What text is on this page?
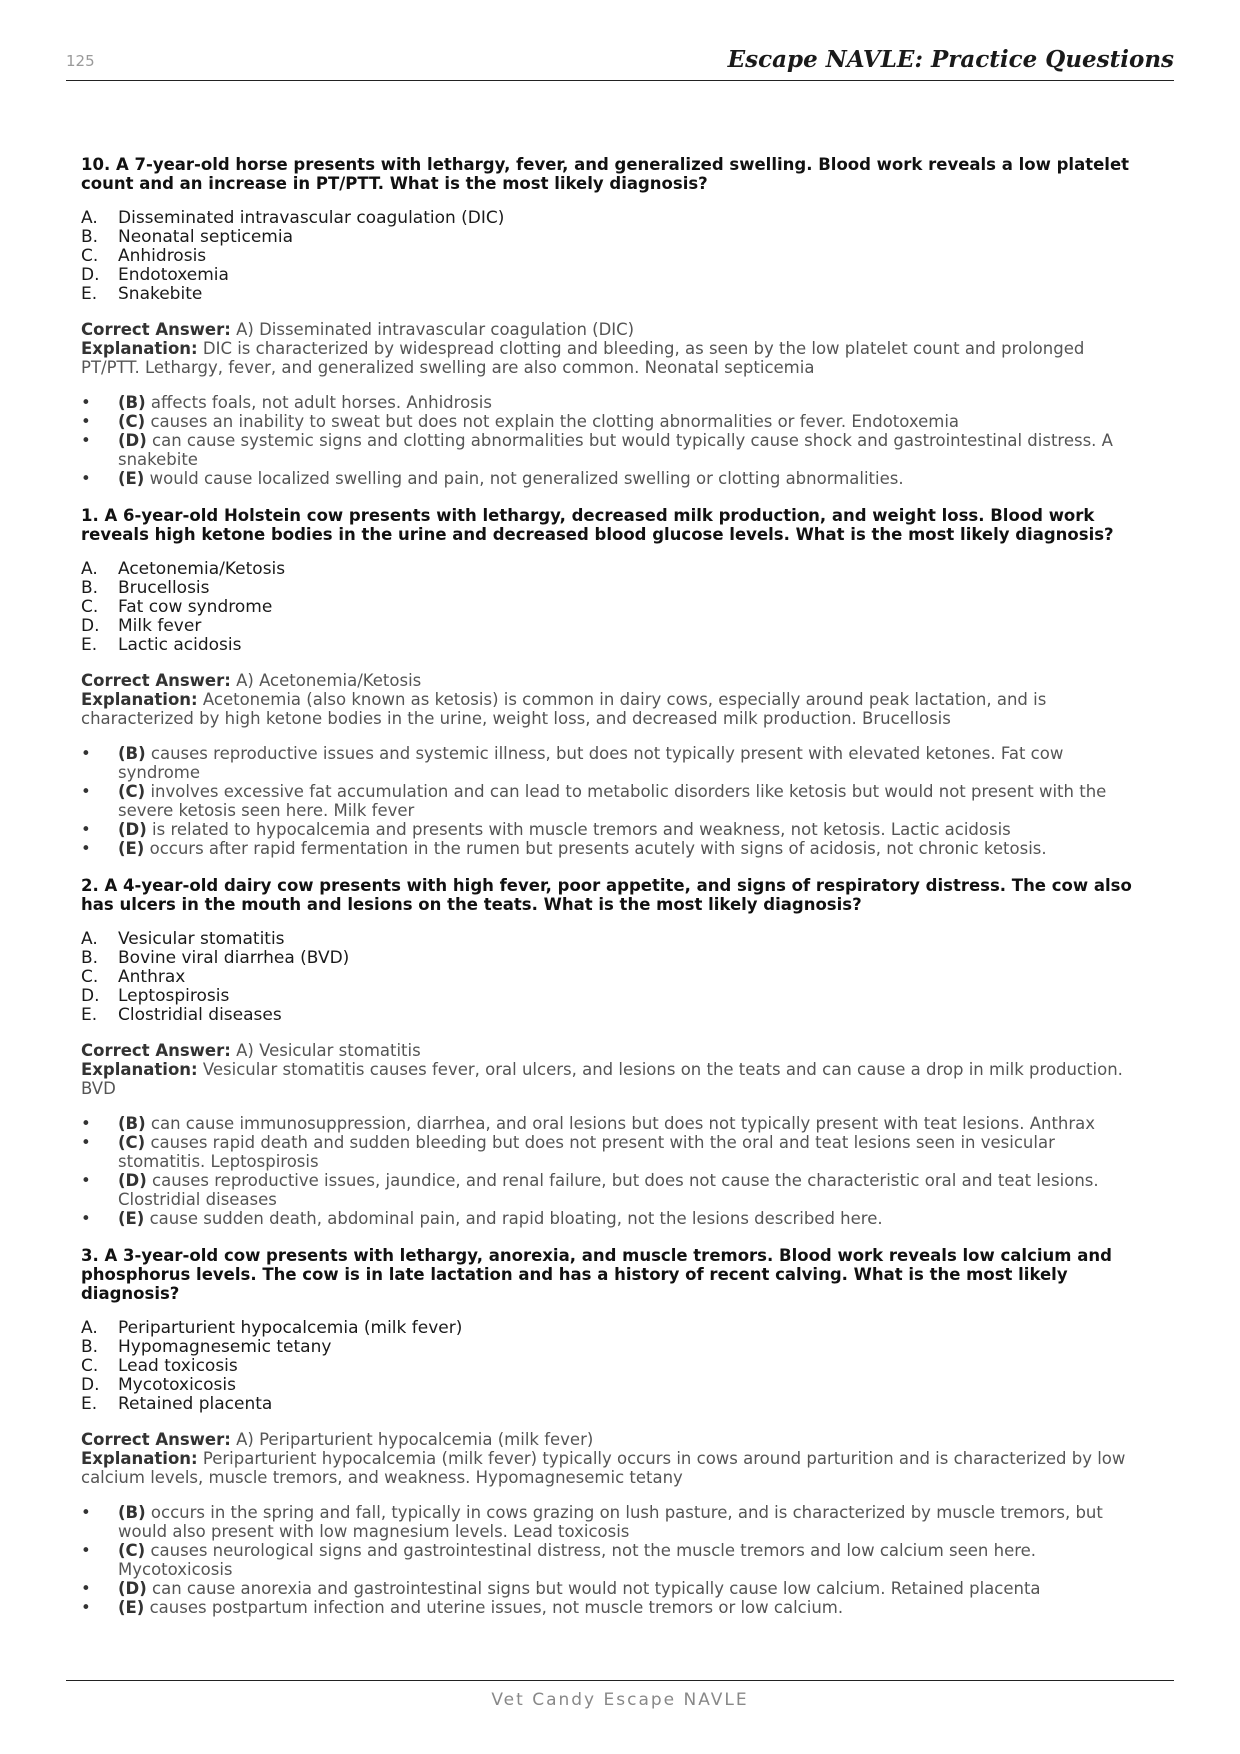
125	Escape NAVLE: Practice Questions
10. A 7-year-old horse presents with lethargy, fever, and generalized swelling. Blood work reveals a low platelet count and an increase in PT/PTT. What is the most likely diagnosis?
A.	Disseminated intravascular coagulation (DIC)
B.	Neonatal septicemia
C.	Anhidrosis
D.	Endotoxemia
E.	Snakebite
Correct Answer: A) Disseminated intravascular coagulation (DIC)
Explanation: DIC is characterized by widespread clotting and bleeding, as seen by the low platelet count and prolonged PT/PTT. Lethargy, fever, and generalized swelling are also common. Neonatal septicemia
• (B) affects foals, not adult horses. Anhidrosis
• (C) causes an inability to sweat but does not explain the clotting abnormalities or fever. Endotoxemia
• (D) can cause systemic signs and clotting abnormalities but would typically cause shock and gastrointestinal distress. A snakebite
• (E) would cause localized swelling and pain, not generalized swelling or clotting abnormalities.
1. A 6-year-old Holstein cow presents with lethargy, decreased milk production, and weight loss. Blood work reveals high ketone bodies in the urine and decreased blood glucose levels. What is the most likely diagnosis?
A.	Acetonemia/Ketosis
B.	Brucellosis
C.	Fat cow syndrome
D.	Milk fever
E.	Lactic acidosis
Correct Answer: A) Acetonemia/Ketosis
Explanation: Acetonemia (also known as ketosis) is common in dairy cows, especially around peak lactation, and is characterized by high ketone bodies in the urine, weight loss, and decreased milk production. Brucellosis
• (B) causes reproductive issues and systemic illness, but does not typically present with elevated ketones. Fat cow syndrome
• (C) involves excessive fat accumulation and can lead to metabolic disorders like ketosis but would not present with the severe ketosis seen here. Milk fever
• (D) is related to hypocalcemia and presents with muscle tremors and weakness, not ketosis. Lactic acidosis
• (E) occurs after rapid fermentation in the rumen but presents acutely with signs of acidosis, not chronic ketosis.
2. A 4-year-old dairy cow presents with high fever, poor appetite, and signs of respiratory distress. The cow also has ulcers in the mouth and lesions on the teats. What is the most likely diagnosis?
A.	Vesicular stomatitis
B.	Bovine viral diarrhea (BVD)
C.	Anthrax
D.	Leptospirosis
E.	Clostridial diseases
Correct Answer: A) Vesicular stomatitis
Explanation: Vesicular stomatitis causes fever, oral ulcers, and lesions on the teats and can cause a drop in milk production. BVD
• (B) can cause immunosuppression, diarrhea, and oral lesions but does not typically present with teat lesions. Anthrax
• (C) causes rapid death and sudden bleeding but does not present with the oral and teat lesions seen in vesicular stomatitis. Leptospirosis
• (D) causes reproductive issues, jaundice, and renal failure, but does not cause the characteristic oral and teat lesions. Clostridial diseases
• (E) cause sudden death, abdominal pain, and rapid bloating, not the lesions described here.
3. A 3-year-old cow presents with lethargy, anorexia, and muscle tremors. Blood work reveals low calcium and phosphorus levels. The cow is in late lactation and has a history of recent calving. What is the most likely diagnosis?
A.	Periparturient hypocalcemia (milk fever)
B.	Hypomagnesemic tetany
C.	Lead toxicosis
D.	Mycotoxicosis
E.	Retained placenta
Correct Answer: A) Periparturient hypocalcemia (milk fever)
Explanation: Periparturient hypocalcemia (milk fever) typically occurs in cows around parturition and is characterized by low calcium levels, muscle tremors, and weakness. Hypomagnesemic tetany
• (B) occurs in the spring and fall, typically in cows grazing on lush pasture, and is characterized by muscle tremors, but would also present with low magnesium levels. Lead toxicosis
• (C) causes neurological signs and gastrointestinal distress, not the muscle tremors and low calcium seen here. Mycotoxicosis
• (D) can cause anorexia and gastrointestinal signs but would not typically cause low calcium. Retained placenta
• (E) causes postpartum infection and uterine issues, not muscle tremors or low calcium.
Vet Candy Escape NAVLE
